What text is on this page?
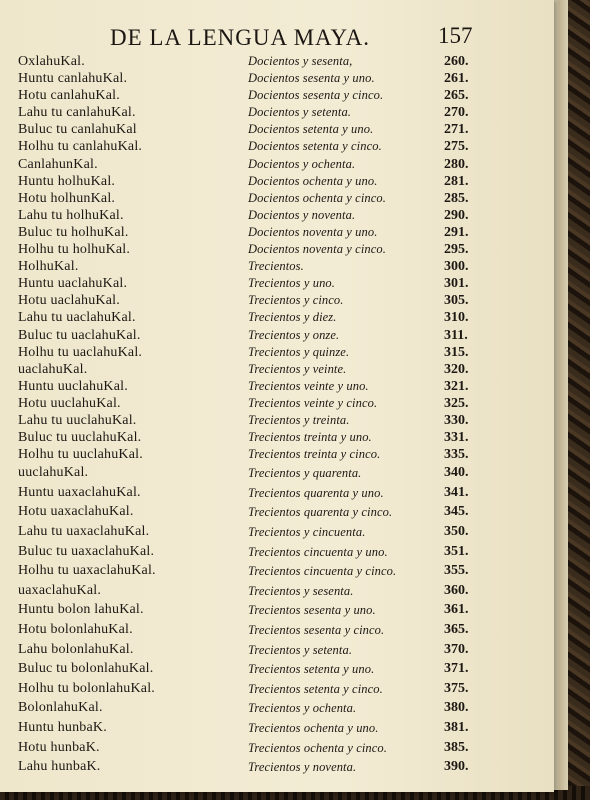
DE LA LENGUA MAYA.	157
OxlahuKal.	Docientos y sesenta,	260.
Huntu canlahuKal.	Docientos sesenta y uno.	261.
Hotu canlahuKal.	Docientos sesenta y cinco.	265.
Lahu tu canlahuKal.	Docientos y setenta.	270.
Buluc tu canlahuKal	Docientos setenta y uno.	271.
Holhu tu canlahuKal.	Docientos setenta y cinco.	275.
CanlahunKal.	Docientos y ochenta.	280.
Huntu holhuKal.	Docientos ochenta y uno.	281.
Hotu holhunKal.	Docientos ochenta y cinco.	285.
Lahu tu holhuKal.	Docientos y noventa.	290.
Buluc tu holhuKal.	Docientos noventa y uno.	291.
Holhu tu holhuKal.	Docientos noventa y cinco.	295.
HolhuKal.	Trecientos.	300.
Huntu uaclahuKal.	Trecientos y uno.	301.
Hotu uaclahuKal.	Trecientos y cinco.	305.
Lahu tu uaclahuKal.	Trecientos y diez.	310.
Buluc tu uaclahuKal.	Trecientos y onze.	311.
Holhu tu uaclahuKal.	Trecientos y quinze.	315.
uaclahuKal.	Trecientos y veinte.	320.
Huntu uuclahuKal.	Trecientos veinte y uno.	321.
Hotu uuclahuKal.	Trecientos veinte y cinco.	325.
Lahu tu uuclahuKal.	Trecientos y treinta.	330.
Buluc tu uuclahuKal.	Trecientos treinta y uno.	331.
Holhu tu uuclahuKal.	Trecientos treinta y cinco.	335.
uuclahuKal.	Trecientos y quarenta.	340.
Huntu uaxaclahuKal.	Trecientos quarenta y uno.	341.
Hotu uaxaclahuKal.	Trecientos quarenta y cinco.	345.
Lahu tu uaxaclahuKal.	Trecientos y cincuenta.	350.
Buluc tu uaxaclahuKal.	Trecientos cincuenta y uno.	351.
Holhu tu uaxaclahuKal.	Trecientos cincuenta y cinco.	355.
uaxaclahuKal.	Trecientos y sesenta.	360.
Huntu bolon lahuKal.	Trecientos sesenta y uno.	361.
Hotu bolonlahuKal.	Trecientos sesenta y cinco.	365.
Lahu bolonlahuKal.	Trecientos y setenta.	370.
Buluc tu bolonlahuKal.	Trecientos setenta y uno.	371.
Holhu tu bolonlahuKal.	Trecientos setenta y cinco.	375.
BolonlahuKal.	Trecientos y ochenta.	380.
Huntu hunbaK.	Trecientos ochenta y uno.	381.
Hotu hunbaK.	Trecientos ochenta y cinco.	385.
Lahu hunbaK.	Trecientos y noventa.	390.
